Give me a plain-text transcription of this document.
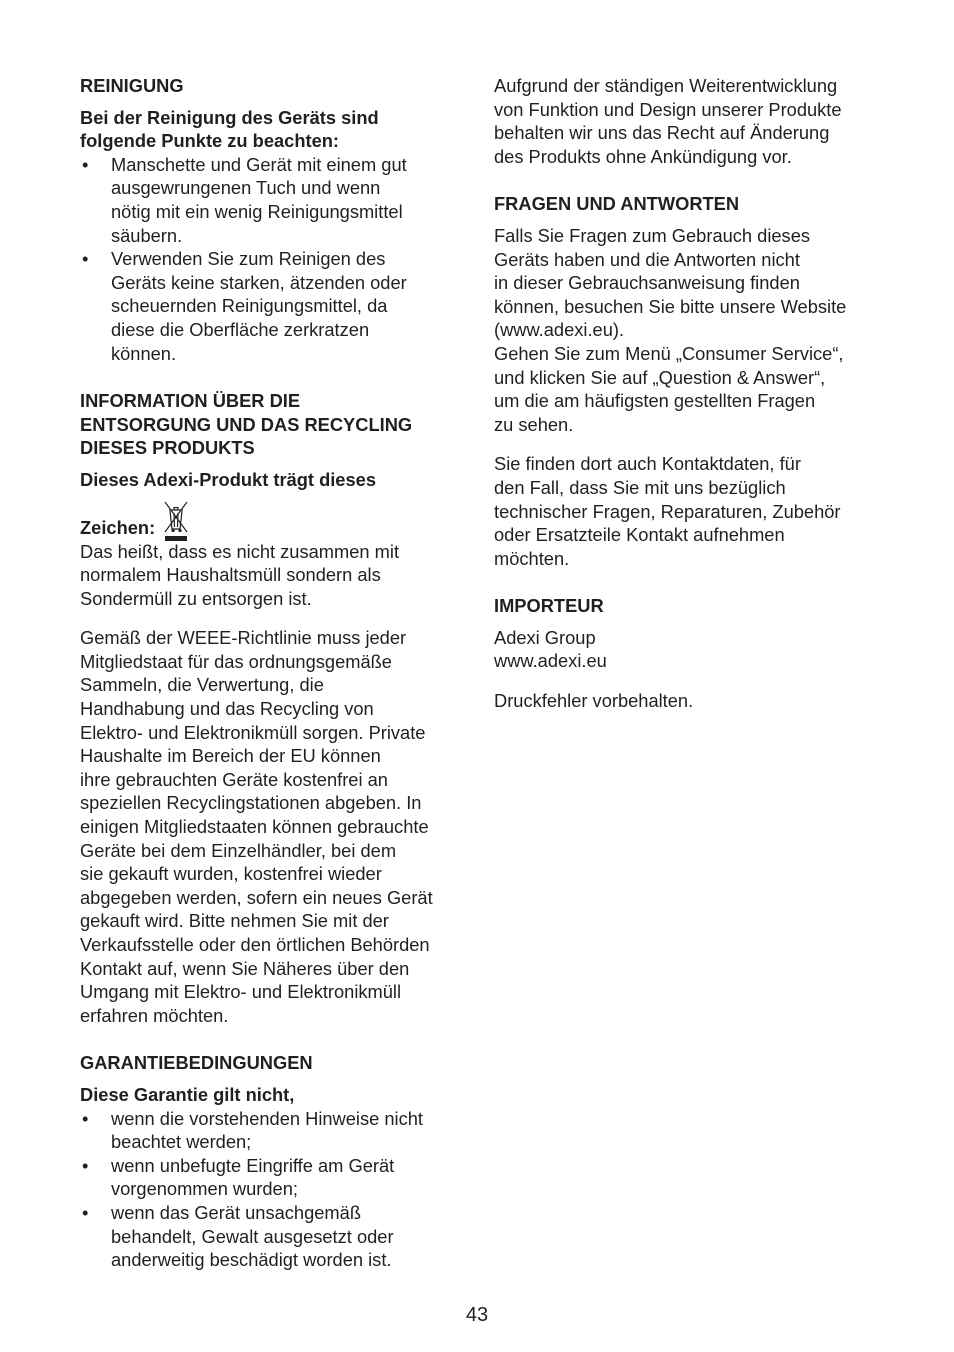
REINIGUNG

Bei der Reinigung des Geräts sind
folgende Punkte zu beachten:

• Manschette und Gerät mit einem gut
ausgewrungenen Tuch und wenn
nötig mit ein wenig Reinigungsmittel
säubern.
• Verwenden Sie zum Reinigen des
Geräts keine starken, ätzenden oder
scheuernden Reinigungsmittel, da
diese die Oberfläche zerkratzen
können.
INFORMATION ÜBER DIE
ENTSORGUNG UND DAS RECYCLING
DIESES PRODUKTS

Dieses Adexi-Produkt trägt dieses

Zeichen:

Das heißt, dass es nicht zusammen mit
normalem Haushaltsmüll sondern als
Sondermüll zu entsorgen ist.

Gemäß der WEEE-Richtlinie muss jeder
Mitgliedstaat für das ordnungsgemäße
Sammeln, die Verwertung, die
Handhabung und das Recycling von
Elektro- und Elektronikmüll sorgen. Private
Haushalte im Bereich der EU können
ihre gebrauchten Geräte kostenfrei an
speziellen Recyclingstationen abgeben. In
einigen Mitgliedstaaten können gebrauchte
Geräte bei dem Einzelhändler, bei dem
sie gekauft wurden, kostenfrei wieder
abgegeben werden, sofern ein neues Gerät
gekauft wird. Bitte nehmen Sie mit der
Verkaufsstelle oder den örtlichen Behörden
Kontakt auf, wenn Sie Näheres über den
Umgang mit Elektro- und Elektronikmüll
erfahren möchten.

GARANTIEBEDINGUNGEN

Diese Garantie gilt nicht,

• wenn die vorstehenden Hinweise nicht
beachtet werden;
• wenn unbefugte Eingriffe am Gerät
vorgenommen wurden;
• wenn das Gerät unsachgemäß
behandelt, Gewalt ausgesetzt oder
anderweitig beschädigt worden ist.

Aufgrund der ständigen Weiterentwicklung
von Funktion und Design unserer Produkte
behalten wir uns das Recht auf Änderung
des Produkts ohne Ankündigung vor.

FRAGEN UND ANTWORTEN

Falls Sie Fragen zum Gebrauch dieses
Geräts haben und die Antworten nicht
in dieser Gebrauchsanweisung finden
können, besuchen Sie bitte unsere Website
(www.adexi.eu).
Gehen Sie zum Menü „Consumer Service“,
und klicken Sie auf „Question & Answer“,
um die am häufigsten gestellten Fragen
zu sehen.

Sie finden dort auch Kontaktdaten, für
den Fall, dass Sie mit uns bezüglich
technischer Fragen, Reparaturen, Zubehör
oder Ersatzteile Kontakt aufnehmen
möchten.

IMPORTEUR

Adexi Group
www.adexi.eu

Druckfehler vorbehalten.

43
